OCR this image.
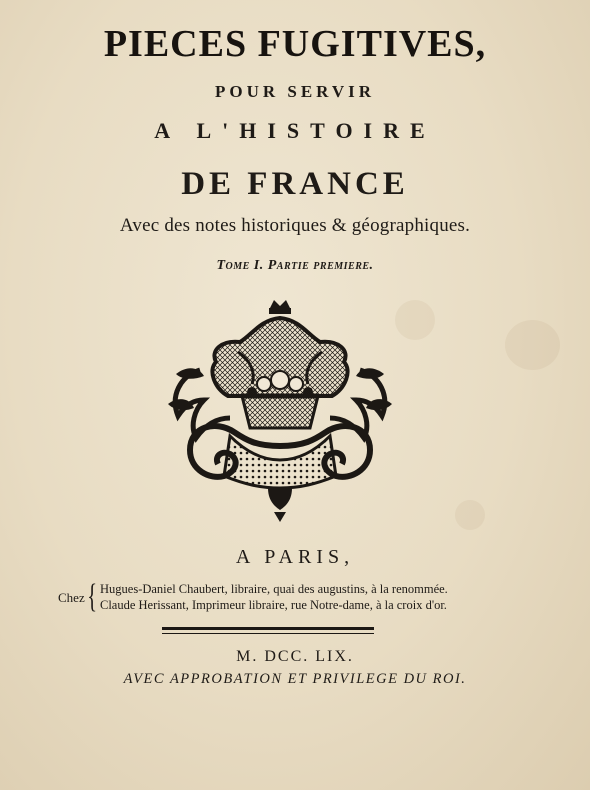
PIECES FUGITIVES,
POUR SERVIR
A L'HISTOIRE
DE FRANCE
Avec des notes historiques & géographiques.
Tome I. Partie premiere.
A PARIS,
Chez { Hugues-Daniel Chaubert, libraire, quai des augustins, à la renommée.
Claude Herissant, Imprimeur libraire, rue Notre-dame, à la croix d'or.
M. DCC. LIX.
AVEC APPROBATION ET PRIVILEGE DU ROI.
